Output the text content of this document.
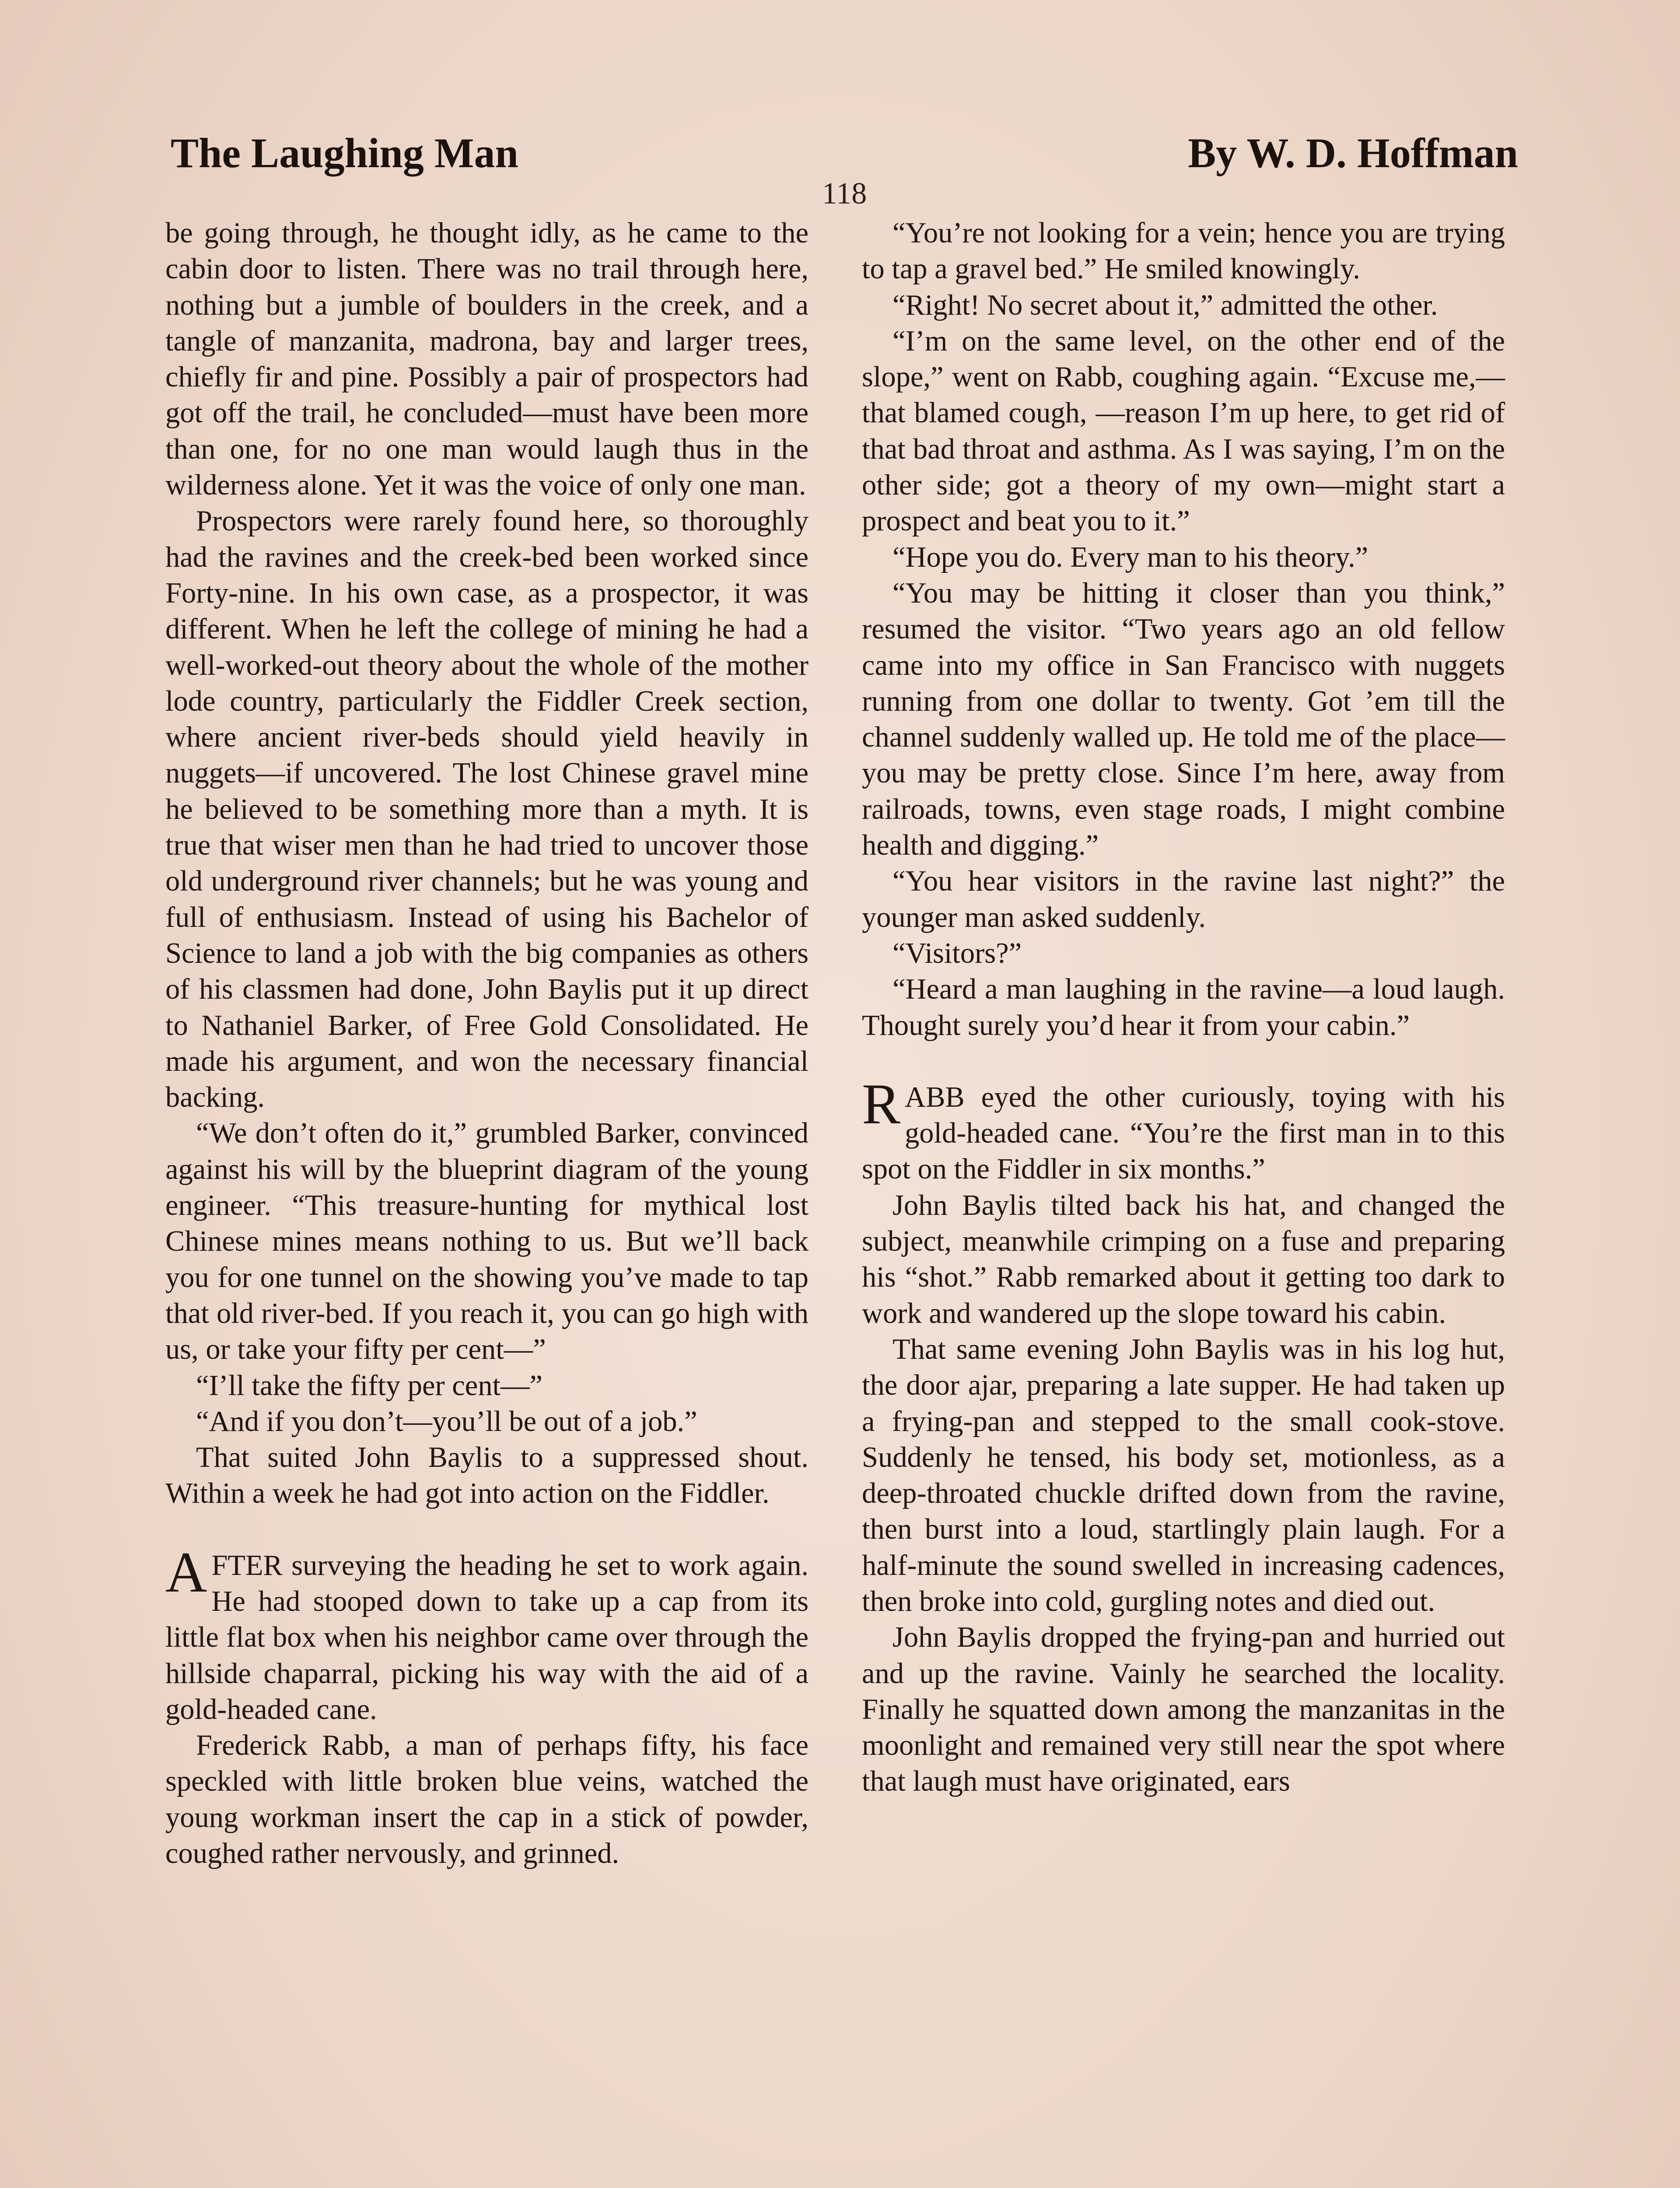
The Laughing Man	By W. D. Hoffman
118

be going through, he thought idly, as he came to the cabin door to listen. There was no trail through here, nothing but a jumble of boulders in the creek, and a tangle of manzanita, madrona, bay and larger trees, chiefly fir and pine. Possibly a pair of prospectors had got off the trail, he concluded—must have been more than one, for no one man would laugh thus in the wilderness alone. Yet it was the voice of only one man.

Prospectors were rarely found here, so thoroughly had the ravines and the creek-bed been worked since Forty-nine. In his own case, as a prospector, it was different. When he left the college of mining he had a well-worked-out theory about the whole of the mother lode country, particularly the Fiddler Creek section, where ancient river-beds should yield heavily in nuggets—if uncovered. The lost Chinese gravel mine he believed to be something more than a myth. It is true that wiser men than he had tried to uncover those old underground river channels; but he was young and full of enthusiasm. Instead of using his Bachelor of Science to land a job with the big companies as others of his classmen had done, John Baylis put it up direct to Nathaniel Barker, of Free Gold Consolidated. He made his argument, and won the necessary financial backing.

“We don’t often do it,” grumbled Barker, convinced against his will by the blueprint diagram of the young engineer. “This treasure-hunting for mythical lost Chinese mines means nothing to us. But we’ll back you for one tunnel on the showing you’ve made to tap that old river-bed. If you reach it, you can go high with us, or take your fifty per cent—”

“I’ll take the fifty per cent—”

“And if you don’t—you’ll be out of a job.”

That suited John Baylis to a suppressed shout. Within a week he had got into action on the Fiddler.

AFTER surveying the heading he set to work again. He had stooped down to take up a cap from its little flat box when his neighbor came over through the hillside chaparral, picking his way with the aid of a gold-headed cane.

Frederick Rabb, a man of perhaps fifty, his face speckled with little broken blue veins, watched the young workman insert the cap in a stick of powder, coughed rather nervously, and grinned.

“You’re not looking for a vein; hence you are trying to tap a gravel bed.” He smiled knowingly.

“Right! No secret about it,” admitted the other.

“I’m on the same level, on the other end of the slope,” went on Rabb, coughing again. “Excuse me,—that blamed cough, —reason I’m up here, to get rid of that bad throat and asthma. As I was saying, I’m on the other side; got a theory of my own—might start a prospect and beat you to it.”

“Hope you do. Every man to his theory.”

“You may be hitting it closer than you think,” resumed the visitor. “Two years ago an old fellow came into my office in San Francisco with nuggets running from one dollar to twenty. Got ’em till the channel suddenly walled up. He told me of the place—you may be pretty close. Since I’m here, away from railroads, towns, even stage roads, I might combine health and digging.”

“You hear visitors in the ravine last night?” the younger man asked suddenly.

“Visitors?”

“Heard a man laughing in the ravine—a loud laugh. Thought surely you’d hear it from your cabin.”

RABB eyed the other curiously, toying with his gold-headed cane. “You’re the first man in to this spot on the Fiddler in six months.”

John Baylis tilted back his hat, and changed the subject, meanwhile crimping on a fuse and preparing his “shot.” Rabb remarked about it getting too dark to work and wandered up the slope toward his cabin.

That same evening John Baylis was in his log hut, the door ajar, preparing a late supper. He had taken up a frying-pan and stepped to the small cook-stove. Suddenly he tensed, his body set, motionless, as a deep-throated chuckle drifted down from the ravine, then burst into a loud, startlingly plain laugh. For a half-minute the sound swelled in increasing cadences, then broke into cold, gurgling notes and died out.

John Baylis dropped the frying-pan and hurried out and up the ravine. Vainly he searched the locality. Finally he squatted down among the manzanitas in the moonlight and remained very still near the spot where that laugh must have originated, ears
